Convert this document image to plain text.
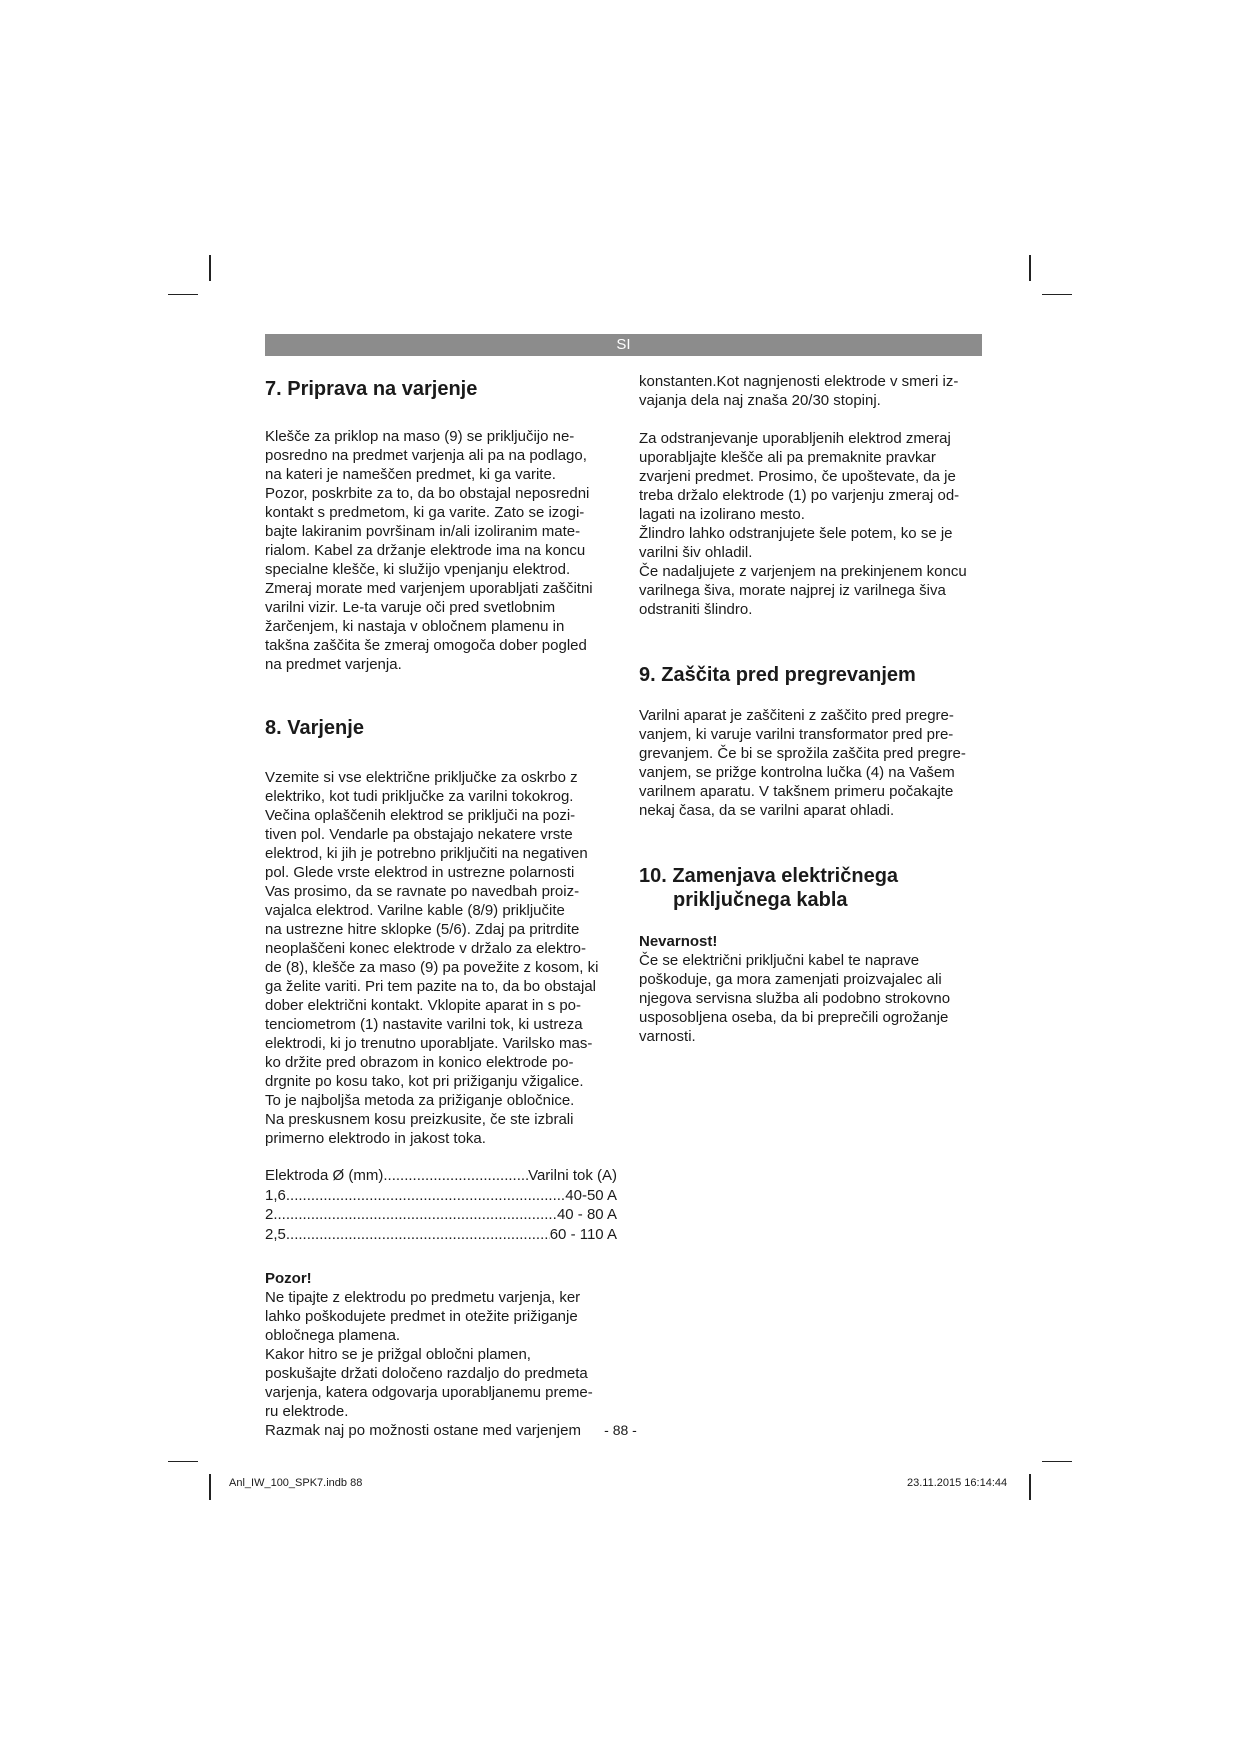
SI
7. Priprava na varjenje

Klešče za priklop na maso (9) se priključijo ne-

posredno na predmet varjenja ali pa na podlago,

na kateri je nameščen predmet, ki ga varite.

Pozor, poskrbite za to, da bo obstajal neposredni

kontakt s predmetom, ki ga varite. Zato se izogi-

bajte lakiranim površinam in/ali izoliranim mate-

rialom. Kabel za držanje elektrode ima na koncu

specialne klešče, ki služijo vpenjanju elektrod.

Zmeraj morate med varjenjem uporabljati zaščitni

varilni vizir. Le-ta varuje oči pred svetlobnim

žarčenjem, ki nastaja v obločnem plamenu in

takšna zaščita še zmeraj omogoča dober pogled

na predmet varjenja.

8. Varjenje

Vzemite si vse električne priključke za oskrbo z

elektriko, kot tudi priključke za varilni tokokrog.

Večina oplaščenih elektrod se priključi na pozi-

tiven pol. Vendarle pa obstajajo nekatere vrste

elektrod, ki jih je potrebno priključiti na negativen

pol. Glede vrste elektrod in ustrezne polarnosti

Vas prosimo, da se ravnate po navedbah proiz-

vajalca elektrod. Varilne kable (8/9) priključite

na ustrezne hitre sklopke (5/6). Zdaj pa pritrdite

neoplaščeni konec elektrode v držalo za elektro-

de (8), klešče za maso (9) pa povežite z kosom, ki

ga želite variti. Pri tem pazite na to, da bo obstajal

dober električni kontakt. Vklopite aparat in s po-

tenciometrom (1) nastavite varilni tok, ki ustreza

elektrodi, ki jo trenutno uporabljate. Varilsko mas-

ko držite pred obrazom in konico elektrode po-

drgnite po kosu tako, kot pri prižiganju vžigalice.

To je najboljša metoda za prižiganje obločnice.

Na preskusnem kosu preizkusite, če ste izbrali

primerno elektrodo in jakost toka.

Elektroda Ø (mm) .....	Varilni tok (A)
1,6 .....	40-50 A
2 .....	40 - 80 A
2,5 .....	60 - 110 A

Pozor!

Ne tipajte z elektrodu po predmetu varjenja, ker

lahko poškodujete predmet in otežite prižiganje

obločnega plamena.

Kakor hitro se je prižgal obločni plamen,

poskušajte držati določeno razdaljo do predmeta

varjenja, katera odgovarja uporabljanemu preme-

ru elektrode.

Razmak naj po možnosti ostane med varjenjem

konstanten.Kot nagnjenosti elektrode v smeri iz-

vajanja dela naj znaša 20/30 stopinj.

Za odstranjevanje uporabljenih elektrod zmeraj

uporabljajte klešče ali pa premaknite pravkar

zvarjeni predmet. Prosimo, če upoštevate, da je

treba držalo elektrode (1) po varjenju zmeraj od-

lagati na izolirano mesto.

Žlindro lahko odstranjujete šele potem, ko se je

varilni šiv ohladil.

Če nadaljujete z varjenjem na prekinjenem koncu

varilnega šiva, morate najprej iz varilnega šiva

odstraniti šlindro.

9. Zaščita pred pregrevanjem

Varilni aparat je zaščiteni z zaščito pred pregre-

vanjem, ki varuje varilni transformator pred pre-

grevanjem. Če bi se sprožila zaščita pred pregre-

vanjem, se prižge kontrolna lučka (4) na Vašem

varilnem aparatu. V takšnem primeru počakajte

nekaj časa, da se varilni aparat ohladi.

10. Zamenjava električnega
priključnega kabla

Nevarnost!

Če se električni priključni kabel te naprave

poškoduje, ga mora zamenjati proizvajalec ali

njegova servisna služba ali podobno strokovno

usposobljena oseba, da bi preprečili ogrožanje

varnosti.

- 88 -
Anl_IW_100_SPK7.indb 88	23.11.2015 16:14:44
